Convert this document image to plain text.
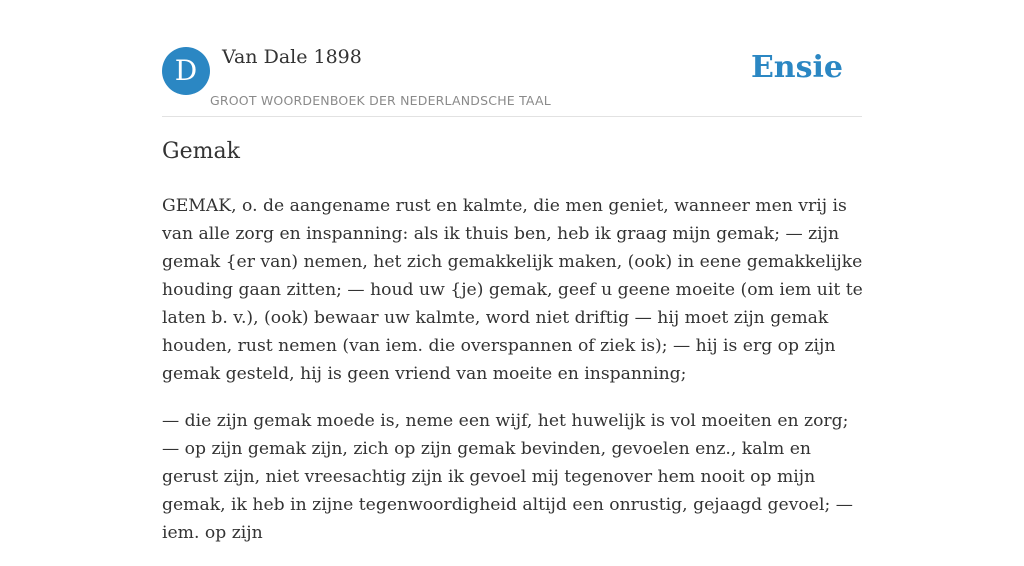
D	Van Dale 1898
GROOT WOORDENBOEK DER NEDERLANDSCHE TAAL
Ensie
Gemak

GEMAK, o. de aangename rust en kalmte, die men geniet, wanneer men vrij is van alle zorg en inspanning: als ik thuis ben, heb ik graag mijn gemak; — zijn gemak {er van) nemen, het zich gemakkelijk maken, (ook) in eene gemakkelijke houding gaan zitten; — houd uw {je) gemak, geef u geene moeite (om iem uit te laten b. v.), (ook) bewaar uw kalmte, word niet driftig — hij moet zijn gemak houden, rust nemen (van iem. die overspannen of ziek is); — hij is erg op zijn gemak gesteld, hij is geen vriend van moeite en inspanning;

— die zijn gemak moede is, neme een wijf, het huwelijk is vol moeiten en zorg; — op zijn gemak zijn, zich op zijn gemak bevinden, gevoelen enz., kalm en gerust zijn, niet vreesachtig zijn ik gevoel mij tegenover hem nooit op mijn gemak, ik heb in zijne tegenwoordigheid altijd een onrustig, gejaagd gevoel; — iem. op zijn
